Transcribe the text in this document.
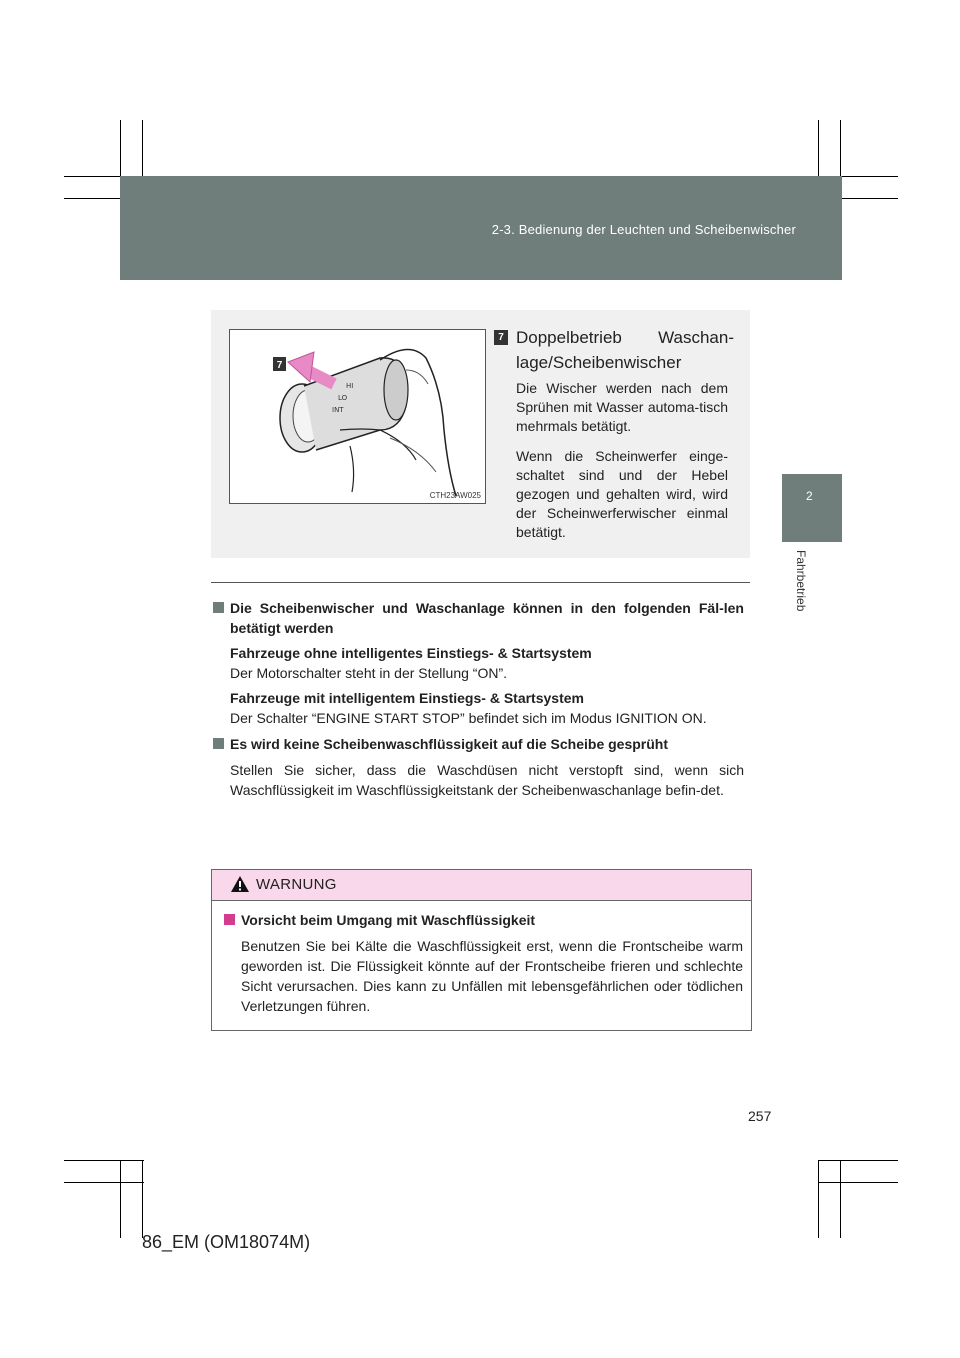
2-3. Bedienung der Leuchten und Scheibenwischer
2
Fahrbetrieb
HI
LO
INT
7
CTH23AW025
7 Doppelbetrieb Waschan-lage/Scheibenwischer
Die Wischer werden nach dem Sprühen mit Wasser automa-tisch mehrmals betätigt.
Wenn die Scheinwerfer einge-schaltet sind und der Hebel gezogen und gehalten wird, wird der Scheinwerferwischer einmal betätigt.
Die Scheibenwischer und Waschanlage können in den folgenden Fäl-len betätigt werden
Fahrzeuge ohne intelligentes Einstiegs- & Startsystem
Der Motorschalter steht in der Stellung “ON”.
Fahrzeuge mit intelligentem Einstiegs- & Startsystem
Der Schalter “ENGINE START STOP” befindet sich im Modus IGNITION ON.
Es wird keine Scheibenwaschflüssigkeit auf die Scheibe gesprüht
Stellen Sie sicher, dass die Waschdüsen nicht verstopft sind, wenn sich Waschflüssigkeit im Waschflüssigkeitstank der Scheibenwaschanlage befin-det.
WARNUNG
Vorsicht beim Umgang mit Waschflüssigkeit
Benutzen Sie bei Kälte die Waschflüssigkeit erst, wenn die Frontscheibe warm geworden ist. Die Flüssigkeit könnte auf der Frontscheibe frieren und schlechte Sicht verursachen. Dies kann zu Unfällen mit lebensgefährlichen oder tödlichen Verletzungen führen.
257
86_EM (OM18074M)
